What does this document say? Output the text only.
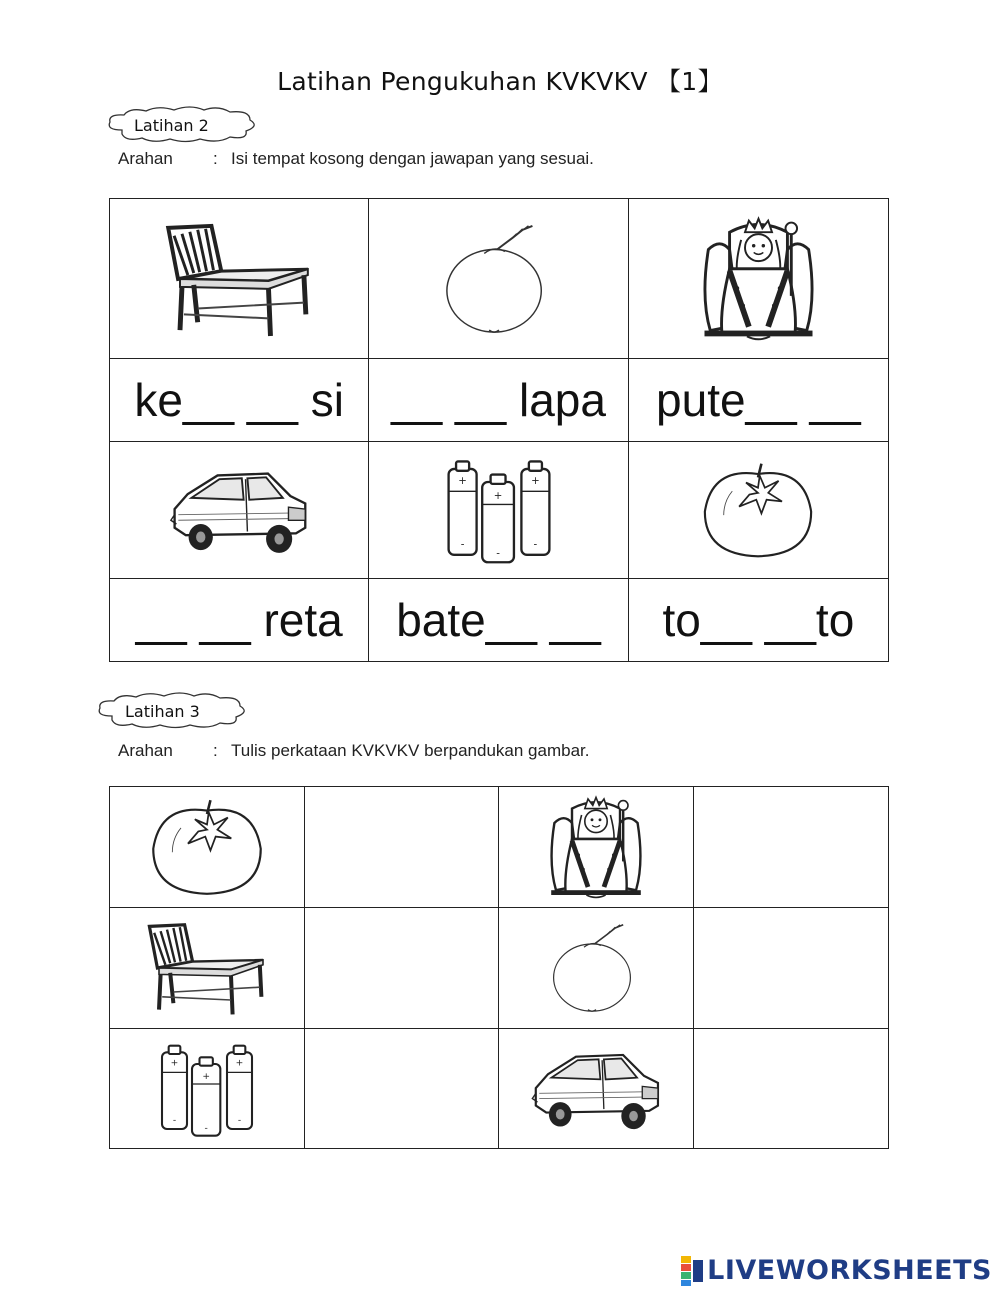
Latihan Pengukuhan KVKVKV 【1】
Latihan 2
Arahan : Isi tempat kosong dengan jawapan yang sesuai.

ke__ __ si	__ __ lapa	pute__ __

__ __ reta	bate__ __	to__ __to
Latihan 3
Arahan : Tulis perkataan KVKVKV berpandukan gambar.

LIVEWORKSHEETS
